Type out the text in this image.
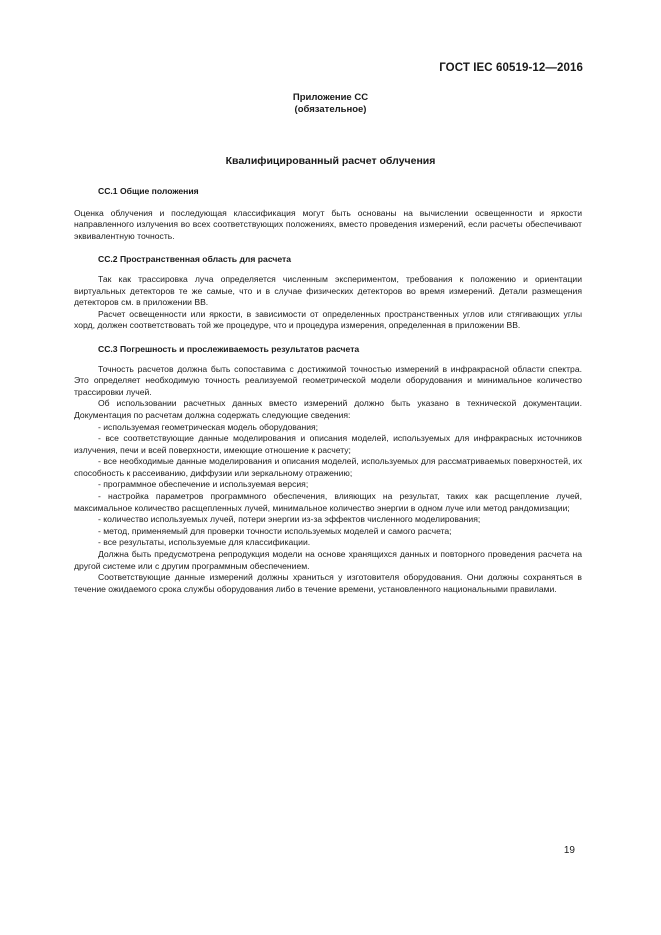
ГОСТ IEC 60519-12—2016
Приложение СС
(обязательное)
Квалифицированный расчет облучения
СС.1 Общие положения

Оценка облучения и последующая классификация могут быть основаны на вычислении освещенности и яркости направленного излучения во всех соответствующих положениях, вместо проведения измерений, если расчеты обеспечивают эквивалентную точность.

СС.2 Пространственная область для расчета

Так как трассировка луча определяется численным экспериментом, требования к положению и ориентации виртуальных детекторов те же самые, что и в случае физических детекторов во время измерений. Детали размещения детекторов см. в приложении ВВ.

Расчет освещенности или яркости, в зависимости от определенных пространственных углов или стягивающих углы хорд, должен соответствовать той же процедуре, что и процедура измерения, определенная в приложении ВВ.

СС.3 Погрешность и прослеживаемость результатов расчета

Точность расчетов должна быть сопоставима с достижимой точностью измерений в инфракрасной области спектра. Это определяет необходимую точность реализуемой геометрической модели оборудования и минимальное количество трассировки лучей.

Об использовании расчетных данных вместо измерений должно быть указано в технической документации. Документация по расчетам должна содержать следующие сведения:

- используемая геометрическая модель оборудования;

- все соответствующие данные моделирования и описания моделей, используемых для инфракрасных источников излучения, печи и всей поверхности, имеющие отношение к расчету;

- все необходимые данные моделирования и описания моделей, используемых для рассматриваемых поверхностей, их способность к рассеиванию, диффузии или зеркальному отражению;

- программное обеспечение и используемая версия;

- настройка параметров программного обеспечения, влияющих на результат, таких как расщепление лучей, максимальное количество расщепленных лучей, минимальное количество энергии в одном луче или метод рандомизации;

- количество используемых лучей, потери энергии из-за эффектов численного моделирования;

- метод, применяемый для проверки точности используемых моделей и самого расчета;

- все результаты, используемые для классификации.

Должна быть предусмотрена репродукция модели на основе хранящихся данных и повторного проведения расчета на другой системе или с другим программным обеспечением.

Соответствующие данные измерений должны храниться у изготовителя оборудования. Они должны сохраняться в течение ожидаемого срока службы оборудования либо в течение времени, установленного национальными правилами.

19
